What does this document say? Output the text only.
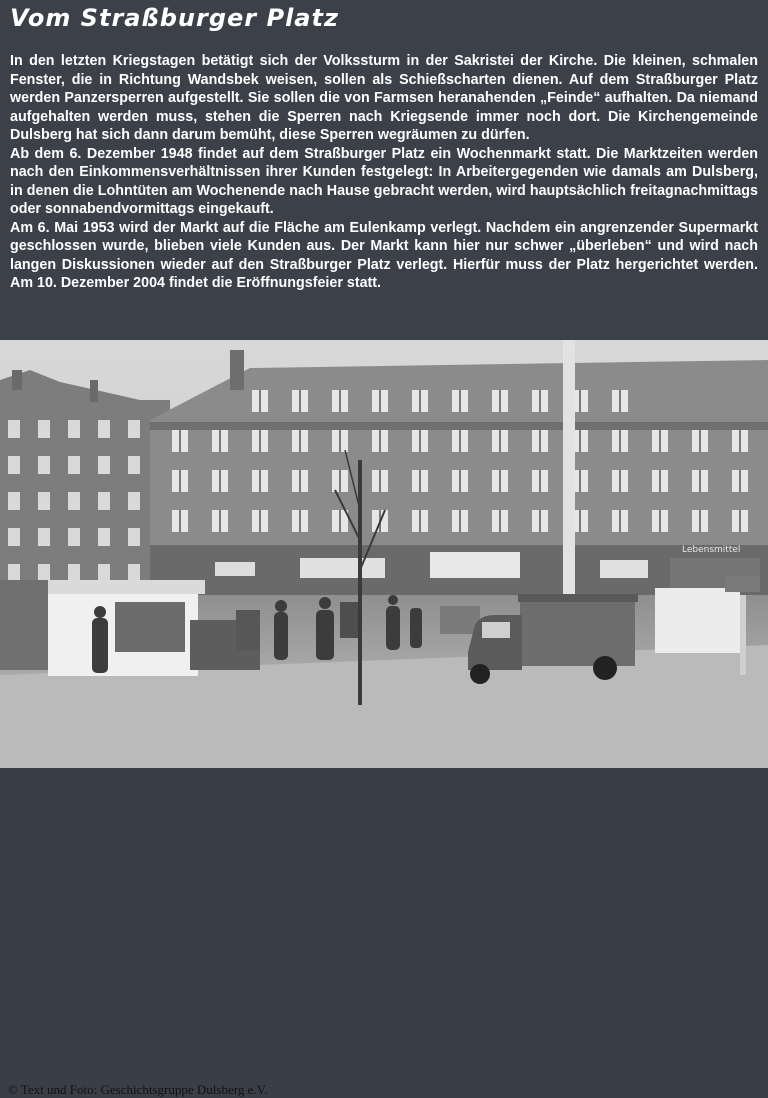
Vom Straßburger Platz

In den letzten Kriegstagen betätigt sich der Volkssturm in der Sakristei der Kirche. Die kleinen, schmalen Fenster, die in Richtung Wandsbek weisen, sollen als Schießscharten dienen. Auf dem Straßburger Platz werden Panzersperren aufgestellt. Sie sollen die von Farmsen heranahenden „Feinde“ aufhalten. Da niemand aufgehalten werden muss, stehen die Sperren nach Kriegsende immer noch dort. Die Kirchengemeinde Dulsberg hat sich dann darum bemüht, diese Sperren wegräumen zu dürfen.

Ab dem 6. Dezember 1948 findet auf dem Straßburger Platz ein Wochenmarkt statt. Die Marktzeiten werden nach den Einkommensverhältnissen ihrer Kunden festgelegt: In Arbeitergegenden wie damals am Dulsberg, in denen die Lohntüten am Wochenende nach Hause gebracht werden, wird hauptsächlich freitagnachmittags oder sonnabendvormittags eingekauft.

Am 6. Mai 1953 wird der Markt auf die Fläche am Eulenkamp verlegt. Nachdem ein angrenzender Supermarkt geschlossen wurde, blieben viele Kunden aus. Der Markt kann hier nur schwer „überleben“ und wird nach langen Diskussionen wieder auf den Straßburger Platz verlegt. Hierfür muss der Platz hergerichtet werden. Am 10. Dezember 2004 findet die Eröffnungsfeier statt.

Lebensmittel
© Text und Foto: Geschichtsgruppe Dulsberg e.V.
